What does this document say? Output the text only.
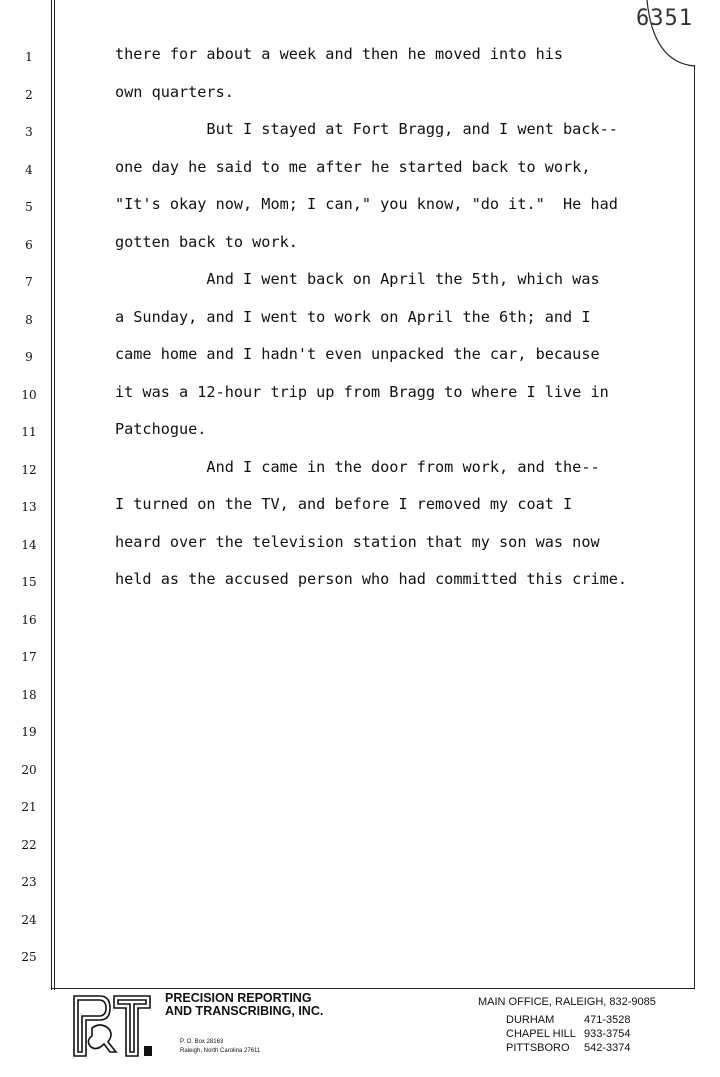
6351
1
2
3
4
5
6
7
8
9
10
11
12
13
14
15
16
17
18
19
20
21
22
23
24
25
there for about a week and then he moved into his
own quarters.
But I stayed at Fort Bragg, and I went back--
one day he said to me after he started back to work,
"It's okay now, Mom; I can," you know, "do it."  He had
gotten back to work.
And I went back on April the 5th, which was
a Sunday, and I went to work on April the 6th; and I
came home and I hadn't even unpacked the car, because
it was a 12-hour trip up from Bragg to where I live in
Patchogue.
And I came in the door from work, and the--
I turned on the TV, and before I removed my coat I
heard over the television station that my son was now
held as the accused person who had committed this crime.
PRECISION REPORTING
AND TRANSCRIBING, INC.
P. O. Box 28163
Raleigh, North Carolina 27611
MAIN OFFICE, RALEIGH, 832-9085
DURHAM	471-3528
CHAPEL HILL 933-3754
PITTSBORO 542-3374
